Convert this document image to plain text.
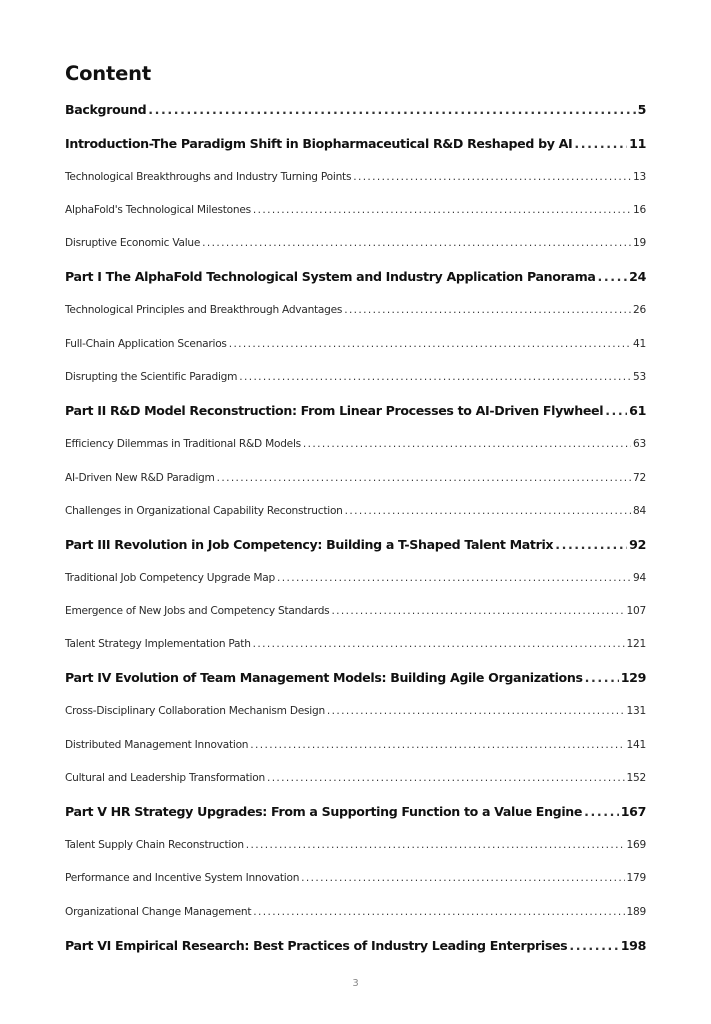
Content
Background . . .	5
Introduction-The Paradigm Shift in Biopharmaceutical R&D Reshaped by AI . . .	11
Technological Breakthroughs and Industry Turning Points . . .	13
AlphaFold's Technological Milestones . . .	16
Disruptive Economic Value . . .	19
Part I The AlphaFold Technological System and Industry Application Panorama . . .	24
Technological Principles and Breakthrough Advantages . . .	26
Full-Chain Application Scenarios . . .	41
Disrupting the Scientific Paradigm . . .	53
Part II R&D Model Reconstruction: From Linear Processes to AI-Driven Flywheel . . . 61
Efficiency Dilemmas in Traditional R&D Models . . .	63
AI-Driven New R&D Paradigm . . .	72
Challenges in Organizational Capability Reconstruction . . .	84
Part III Revolution in Job Competency: Building a T-Shaped Talent Matrix . . .	92
Traditional Job Competency Upgrade Map . . .	94
Emergence of New Jobs and Competency Standards . . .	107
Talent Strategy Implementation Path . . .	121
Part IV Evolution of Team Management Models: Building Agile Organizations . . .	129
Cross-Disciplinary Collaboration Mechanism Design . . .	131
Distributed Management Innovation . . .	141
Cultural and Leadership Transformation . . .	152
Part V HR Strategy Upgrades: From a Supporting Function to a Value Engine . . .	167
Talent Supply Chain Reconstruction . . .	169
Performance and Incentive System Innovation . . .	179
Organizational Change Management . . .	189
Part VI Empirical Research: Best Practices of Industry Leading Enterprises . . .	198
3
